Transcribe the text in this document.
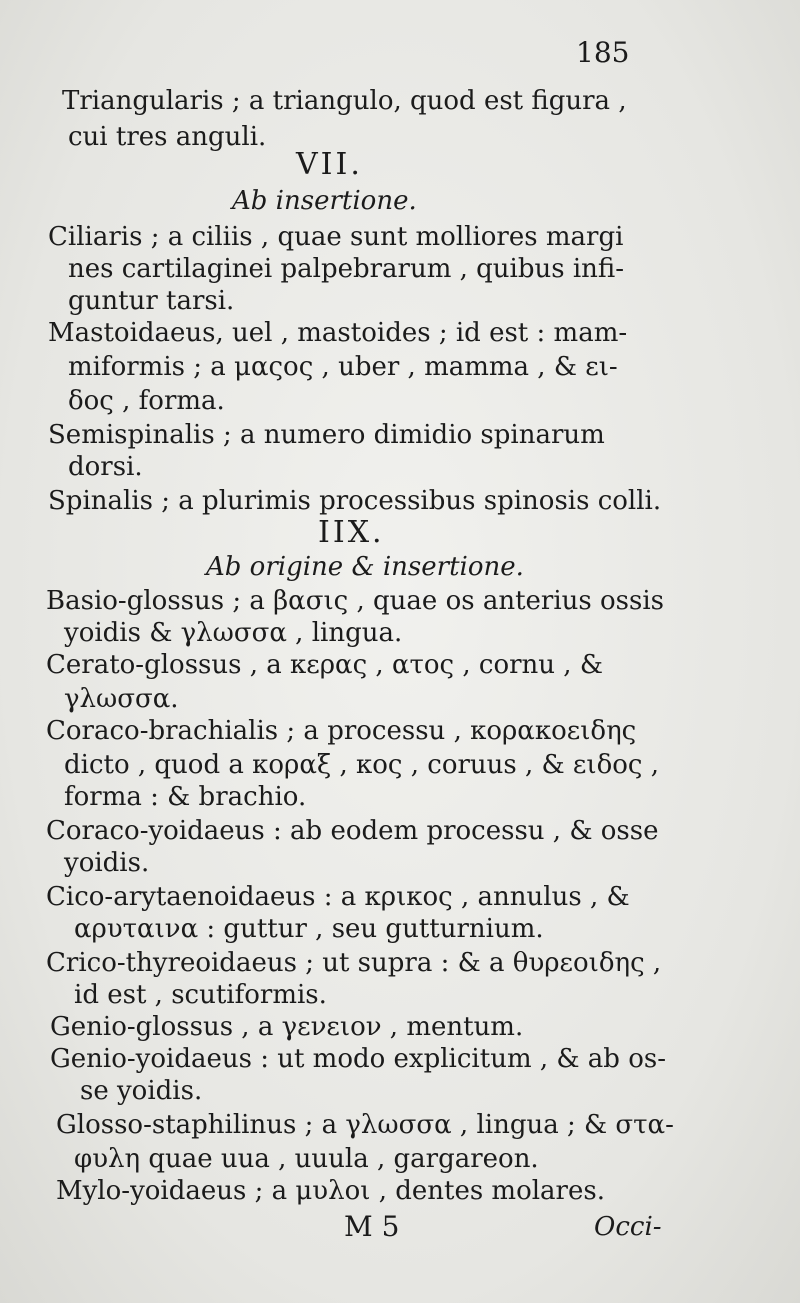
185
Triangularis ; a triangulo, quod est figura ,
cui tres anguli.
VII.
Ab insertione.
Ciliaris ; a ciliis , quae sunt molliores margi
nes cartilaginei palpebrarum , quibus infi-
guntur tarsi.
Mastoidaeus, uel , mastoides ; id est : mam-
miformis ; a μαςος , uber , mamma , & ει-
δος , forma.
Semispinalis ; a numero dimidio spinarum
dorsi.
Spinalis ; a plurimis processibus spinosis colli.
IIX.
Ab origine & insertione.
Basio-glossus ; a βασις , quae os anterius ossis
yoidis & γλωσσα , lingua.
Cerato-glossus , a κερας , ατος , cornu , &
γλωσσα.
Coraco-brachialis ; a processu , κορακοειδης
dicto , quod a κοραξ , κος , coruus , & ειδος ,
forma : & brachio.
Coraco-yoidaeus : ab eodem processu , & osse
yoidis.
Cico-arytaenoidaeus : a κρικος , annulus , &
αρυταινα : guttur , seu gutturnium.
Crico-thyreoidaeus ; ut supra : & a θυρεοιδης ,
id est , scutiformis.
Genio-glossus , a γενειον , mentum.
Genio-yoidaeus : ut modo explicitum , & ab os-
se yoidis.
Glosso-staphilinus ; a γλωσσα , lingua ; & στα-
φυλη quae uua , uuula , gargareon.
Mylo-yoidaeus ; a μυλοι , dentes molares.
M 5	Occi-
